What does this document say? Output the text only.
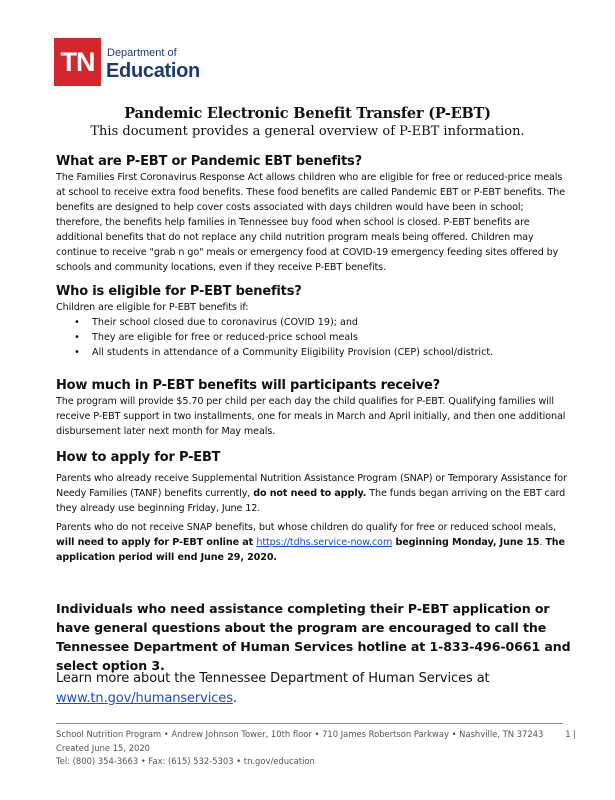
TN	Department of
Education
Pandemic Electronic Benefit Transfer (P-EBT)
This document provides a general overview of P-EBT information.
What are P-EBT or Pandemic EBT benefits?

The Families First Coronavirus Response Act allows children who are eligible for free or reduced-price meals at school to receive extra food benefits. These food benefits are called Pandemic EBT or P-EBT benefits. The benefits are designed to help cover costs associated with days children would have been in school; therefore, the benefits help families in Tennessee buy food when school is closed. P-EBT benefits are additional benefits that do not replace any child nutrition program meals being offered. Children may continue to receive "grab n go" meals or emergency food at COVID-19 emergency feeding sites offered by schools and community locations, even if they receive P-EBT benefits.

Who is eligible for P-EBT benefits?

Children are eligible for P-EBT benefits if:

• Their school closed due to coronavirus (COVID 19); and
• They are eligible for free or reduced-price school meals
• All students in attendance of a Community Eligibility Provision (CEP) school/district.
How much in P-EBT benefits will participants receive?

The program will provide $5.70 per child per each day the child qualifies for P-EBT. Qualifying families will receive P-EBT support in two installments, one for meals in March and April initially, and then one additional disbursement later next month for May meals.

How to apply for P-EBT

Parents who already receive Supplemental Nutrition Assistance Program (SNAP) or Temporary Assistance for Needy Families (TANF) benefits currently, do not need to apply. The funds began arriving on the EBT card they already use beginning Friday, June 12.

Parents who do not receive SNAP benefits, but whose children do qualify for free or reduced school meals, will need to apply for P-EBT online at https://tdhs.service-now.com beginning Monday, June 15. The application period will end June 29, 2020.

Individuals who need assistance completing their P-EBT application or have general questions about the program are encouraged to call the Tennessee Department of Human Services hotline at 1-833-496-0661 and select option 3.
Learn more about the Tennessee Department of Human Services at
www.tn.gov/humanservices.
School Nutrition Program • Andrew Johnson Tower, 10th floor • 710 James Robertson Parkway • Nashville, TN 37243	1 |
Created June 15, 2020
Tel: (800) 354-3663 • Fax: (615) 532-5303 • tn.gov/education
